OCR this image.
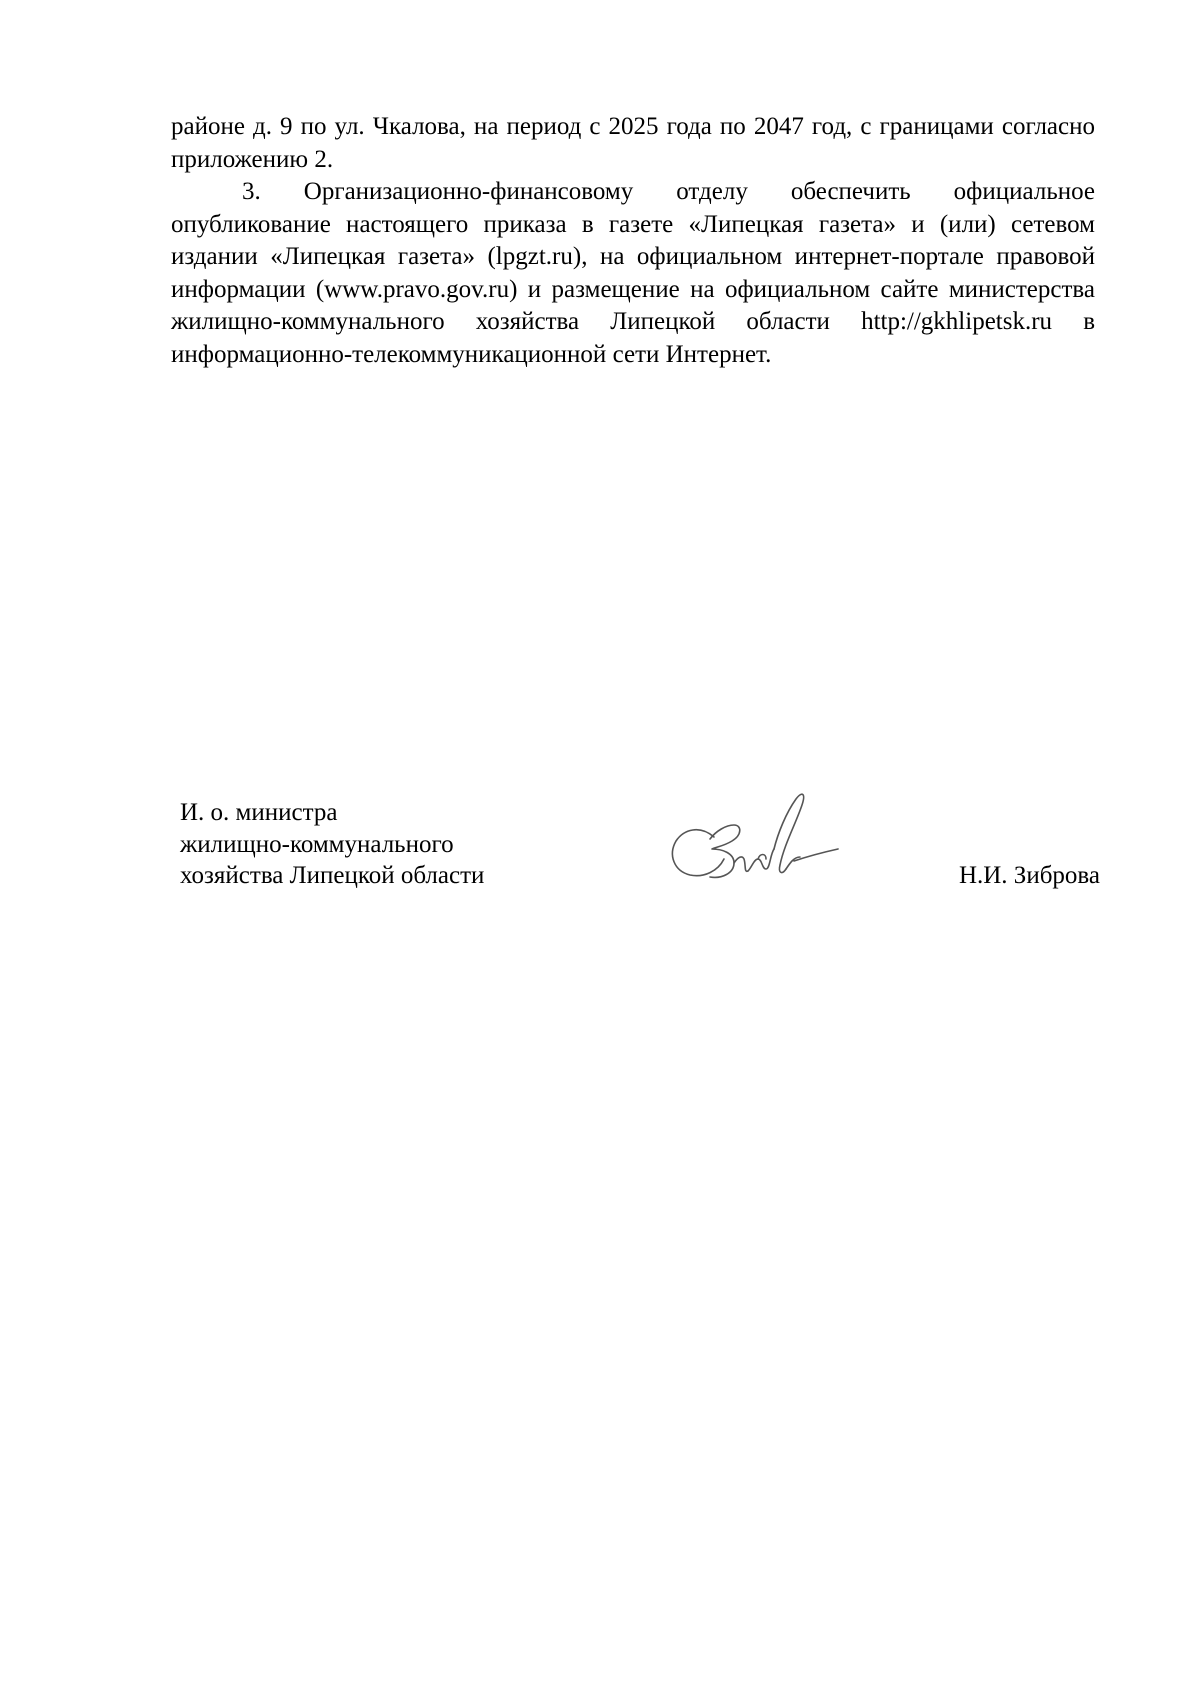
районе д. 9 по ул. Чкалова, на период с 2025 года по 2047 год, с границами согласно приложению 2.

3. Организационно-финансовому отделу обеспечить официальное опубликование настоящего приказа в газете «Липецкая газета» и (или) сетевом издании «Липецкая газета» (lpgzt.ru), на официальном интернет-портале правовой информации (www.pravo.gov.ru) и размещение на официальном сайте министерства жилищно-коммунального хозяйства Липецкой области http://gkhlipetsk.ru в информационно-телекоммуникационной сети Интернет.

И. о. министра
жилищно-коммунального
хозяйства Липецкой области	Н.И. Зиброва
